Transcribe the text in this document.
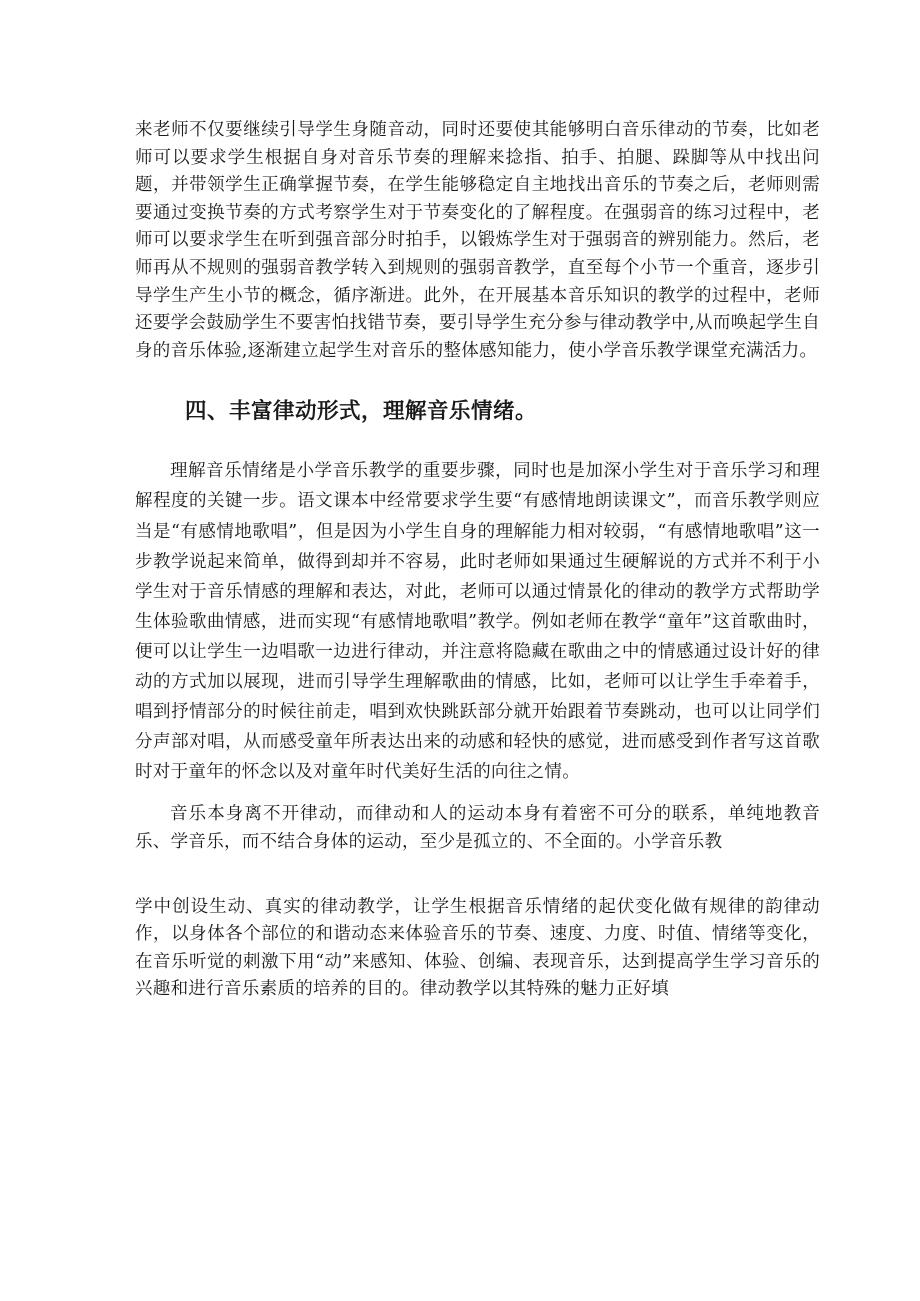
来老师不仅要继续引导学生身随音动，同时还要使其能够明白音乐律动的节奏，比如老师可以要求学生根据自身对音乐节奏的理解来捻指、拍手、拍腿、跺脚等从中找出问题，并带领学生正确掌握节奏，在学生能够稳定自主地找出音乐的节奏之后，老师则需要通过变换节奏的方式考察学生对于节奏变化的了解程度。在强弱音的练习过程中，老师可以要求学生在听到强音部分时拍手，以锻炼学生对于强弱音的辨别能力。然后，老师再从不规则的强弱音教学转入到规则的强弱音教学，直至每个小节一个重音，逐步引导学生产生小节的概念，循序渐进。此外，在开展基本音乐知识的教学的过程中，老师还要学会鼓励学生不要害怕找错节奏，要引导学生充分参与律动教学中,从而唤起学生自身的音乐体验,逐渐建立起学生对音乐的整体感知能力，使小学音乐教学课堂充满活力。

四、丰富律动形式，理解音乐情绪。

理解音乐情绪是小学音乐教学的重要步骤，同时也是加深小学生对于音乐学习和理解程度的关键一步。语文课本中经常要求学生要“有感情地朗读课文”，而音乐教学则应当是“有感情地歌唱”，但是因为小学生自身的理解能力相对较弱，“有感情地歌唱”这一步教学说起来简单，做得到却并不容易，此时老师如果通过生硬解说的方式并不利于小学生对于音乐情感的理解和表达，对此，老师可以通过情景化的律动的教学方式帮助学生体验歌曲情感，进而实现“有感情地歌唱”教学。例如老师在教学“童年”这首歌曲时，便可以让学生一边唱歌一边进行律动，并注意将隐藏在歌曲之中的情感通过设计好的律动的方式加以展现，进而引导学生理解歌曲的情感，比如，老师可以让学生手牵着手，唱到抒情部分的时候往前走，唱到欢快跳跃部分就开始跟着节奏跳动，也可以让同学们分声部对唱，从而感受童年所表达出来的动感和轻快的感觉，进而感受到作者写这首歌时对于童年的怀念以及对童年时代美好生活的向往之情。

音乐本身离不开律动，而律动和人的运动本身有着密不可分的联系，单纯地教音乐、学音乐，而不结合身体的运动，至少是孤立的、不全面的。小学音乐教

学中创设生动、真实的律动教学，让学生根据音乐情绪的起伏变化做有规律的韵律动作，以身体各个部位的和谐动态来体验音乐的节奏、速度、力度、时值、情绪等变化，在音乐听觉的刺激下用“动”来感知、体验、创编、表现音乐，达到提高学生学习音乐的兴趣和进行音乐素质的培养的目的。律动教学以其特殊的魅力正好填
